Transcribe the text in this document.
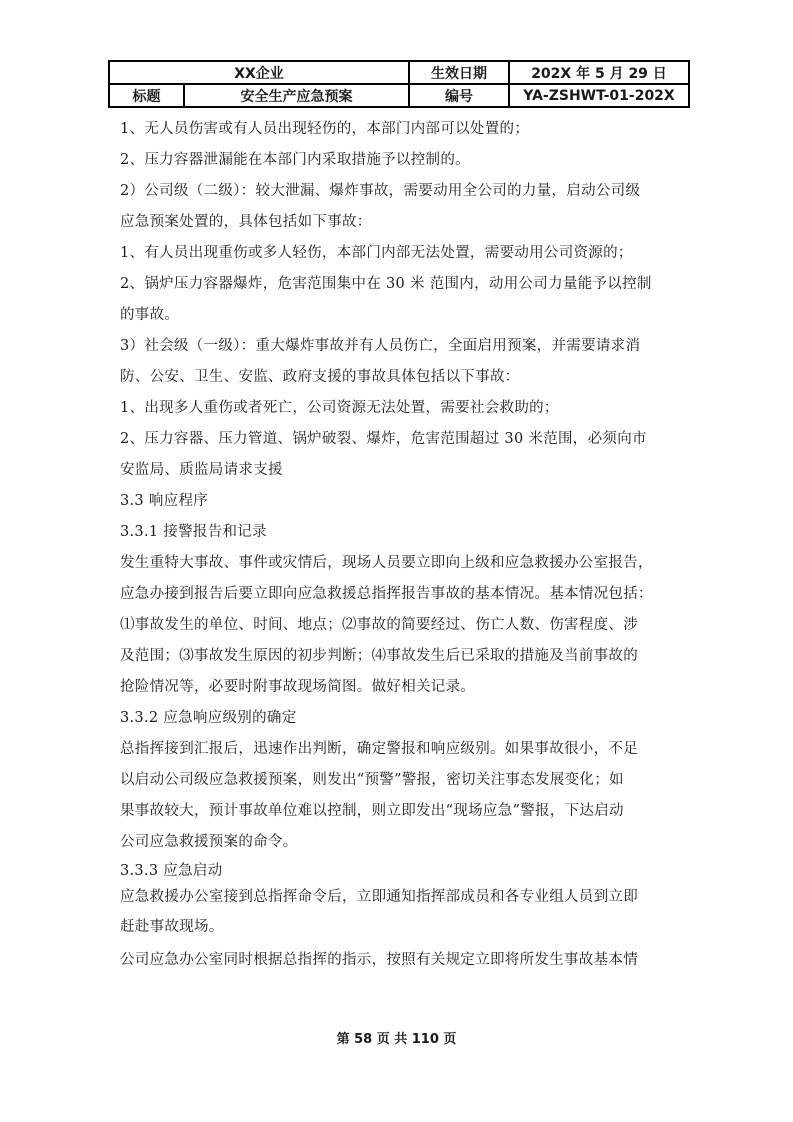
XX企业		生效日期	202X 年 5 月 29 日
标题	安全生产应急预案	编号	YA-ZSHWT-01-202X
1、无人员伤害或有人员出现轻伤的，本部门内部可以处置的；
2、压力容器泄漏能在本部门内采取措施予以控制的。
2）公司级（二级）：较大泄漏、爆炸事故，需要动用全公司的力量，启动公司级
应急预案处置的，具体包括如下事故：
1、有人员出现重伤或多人轻伤，本部门内部无法处置，需要动用公司资源的；
2、锅炉压力容器爆炸，危害范围集中在 30 米 范围内，动用公司力量能予以控制
的事故。
3）社会级（一级）：重大爆炸事故并有人员伤亡，全面启用预案，并需要请求消
防、公安、卫生、安监、政府支援的事故具体包括以下事故：
1、出现多人重伤或者死亡，公司资源无法处置，需要社会救助的；
2、压力容器、压力管道、锅炉破裂、爆炸，危害范围超过 30 米范围，必须向市
安监局、质监局请求支援
3.3 响应程序
3.3.1 接警报告和记录
发生重特大事故、事件或灾情后，现场人员要立即向上级和应急救援办公室报告，
应急办接到报告后要立即向应急救援总指挥报告事故的基本情况。基本情况包括：
⑴事故发生的单位、时间、地点；⑵事故的简要经过、伤亡人数、伤害程度、涉
及范围；⑶事故发生原因的初步判断；⑷事故发生后已采取的措施及当前事故的
抢险情况等，必要时附事故现场简图。做好相关记录。
3.3.2 应急响应级别的确定
总指挥接到汇报后，迅速作出判断，确定警报和响应级别。如果事故很小，不足
以启动公司级应急救援预案，则发出“预警”警报，密切关注事态发展变化；如
果事故较大，预计事故单位难以控制，则立即发出“现场应急”警报，下达启动
公司应急救援预案的命令。
3.3.3 应急启动
应急救援办公室接到总指挥命令后，立即通知指挥部成员和各专业组人员到立即
赶赴事故现场。
公司应急办公室同时根据总指挥的指示，按照有关规定立即将所发生事故基本情
第 58 页 共 110 页
